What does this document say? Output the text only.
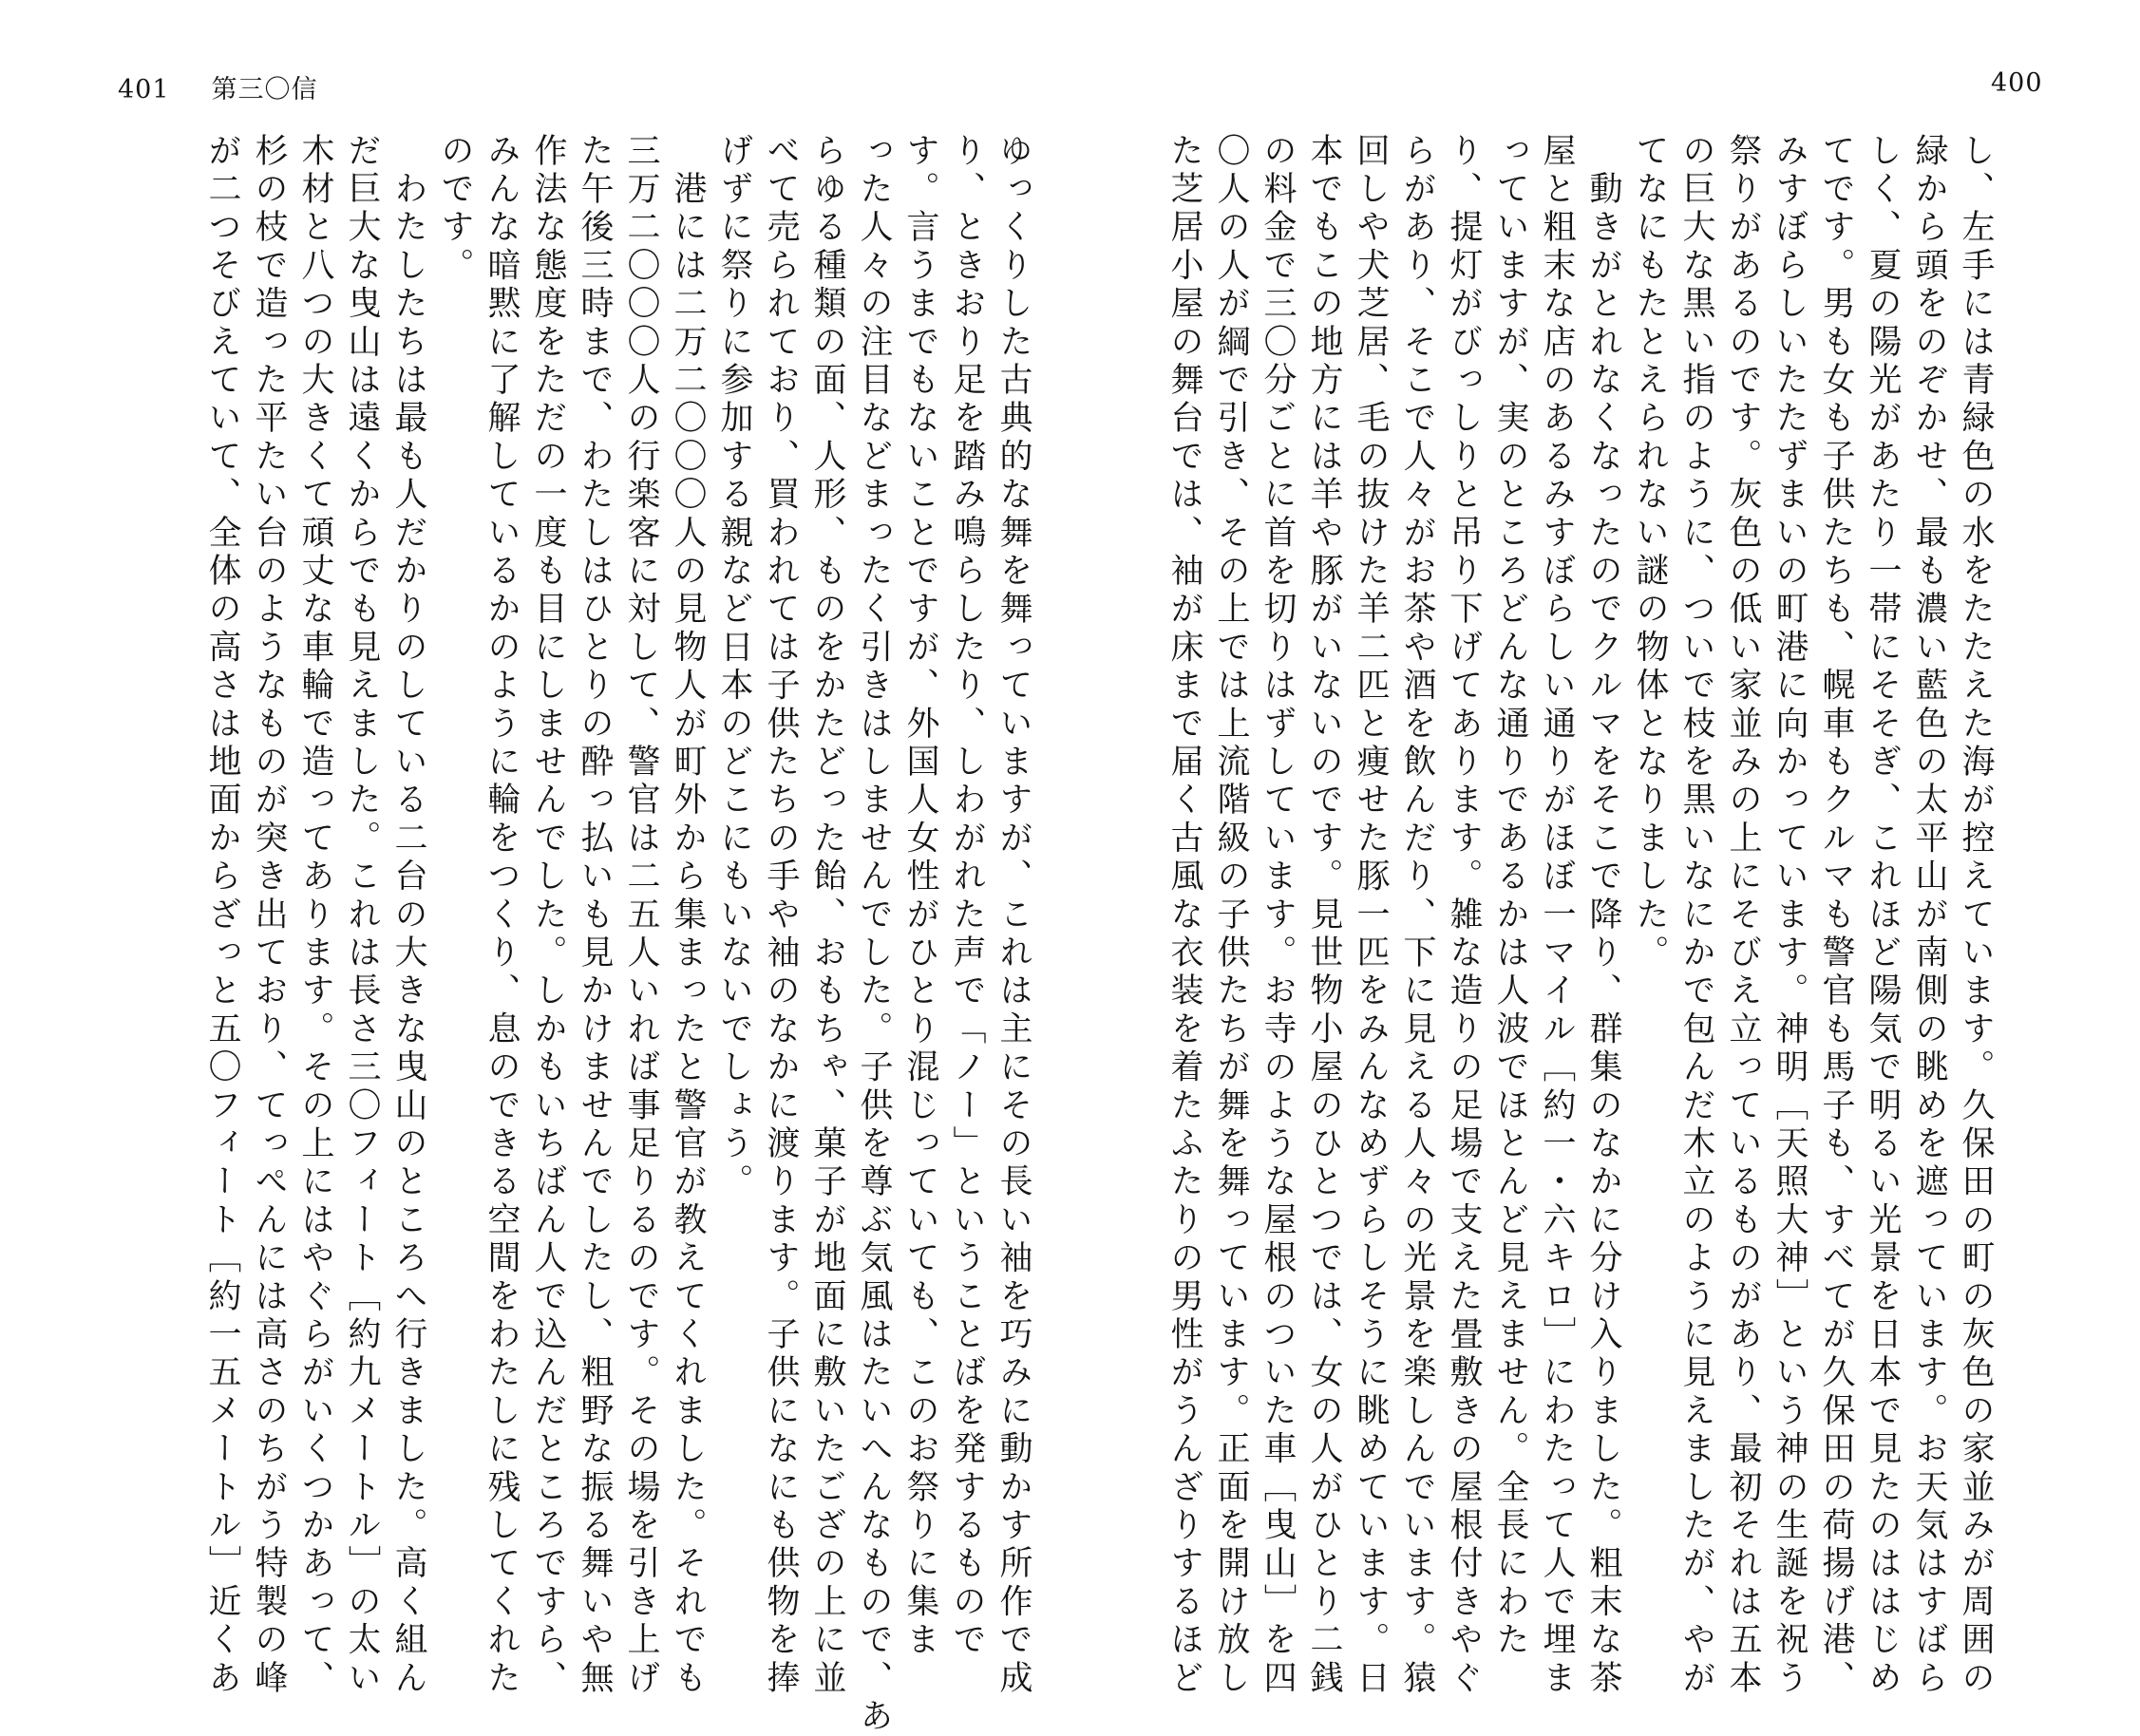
401 第三〇信	400
し、左手には青緑色の水をたたえた海が控えています。久保田の町の灰色の家並みが周囲の
緑から頭をのぞかせ、最も濃い藍色の太平山が南側の眺めを遮っています。お天気はすばら
しく、夏の陽光があたり一帯にそそぎ、これほど陽気で明るい光景を日本で見たのははじめ
てです。男も女も子供たちも、幌車もクルマも警官も馬子も、すべてが久保田の荷揚げ港、
みすぼらしいたたずまいの町港に向かっています。神明［天照大神］という神の生誕を祝う
祭りがあるのです。灰色の低い家並みの上にそびえ立っているものがあり、最初それは五本
の巨大な黒い指のように、ついで枝を黒いなにかで包んだ木立のように見えましたが、やが
てなにもたとえられない謎の物体となりました。
　動きがとれなくなったのでクルマをそこで降り、群集のなかに分け入りました。粗末な茶
屋と粗末な店のあるみすぼらしい通りがほぼ一マイル［約一・六キロ］にわたって人で埋ま
っていますが、実のところどんな通りであるかは人波でほとんど見えません。全長にわた
り、提灯がびっしりと吊り下げてあります。雑な造りの足場で支えた畳敷きの屋根付きやぐ
らがあり、そこで人々がお茶や酒を飲んだり、下に見える人々の光景を楽しんでいます。猿
回しや犬芝居、毛の抜けた羊二匹と痩せた豚一匹をみんなめずらしそうに眺めています。日
本でもこの地方には羊や豚がいないのです。見世物小屋のひとつでは、女の人がひとり二銭
の料金で三〇分ごとに首を切りはずしています。お寺のような屋根のついた車［曳山］を四
〇人の人が綱で引き、その上では上流階級の子供たちが舞を舞っています。正面を開け放し
た芝居小屋の舞台では、袖が床まで届く古風な衣装を着たふたりの男性がうんざりするほど
ゆっくりした古典的な舞を舞っていますが、これは主にその長い袖を巧みに動かす所作で成
り、ときおり足を踏み鳴らしたり、しわがれた声で「ノー」ということばを発するもので
す。言うまでもないことですが、外国人女性がひとり混じっていても、このお祭りに集ま
った人々の注目などまったく引きはしませんでした。子供を尊ぶ気風はたいへんなもので、あ
らゆる種類の面、人形、ものをかたどった飴、おもちゃ、菓子が地面に敷いたござの上に並
べて売られており、買われては子供たちの手や袖のなかに渡ります。子供になにも供物を捧
げずに祭りに参加する親など日本のどこにもいないでしょう。
　港には二万二〇〇〇人の見物人が町外から集まったと警官が教えてくれました。それでも
三万二〇〇〇人の行楽客に対して、警官は二五人いれば事足りるのです。その場を引き上げ
た午後三時まで、わたしはひとりの酔っ払いも見かけませんでしたし、粗野な振る舞いや無
作法な態度をただの一度も目にしませんでした。しかもいちばん人で込んだところですら、
みんな暗黙に了解しているかのように輪をつくり、息のできる空間をわたしに残してくれた
のです。
　わたしたちは最も人だかりのしている二台の大きな曳山のところへ行きました。高く組ん
だ巨大な曳山は遠くからでも見えました。これは長さ三〇フィート［約九メートル］の太い
木材と八つの大きくて頑丈な車輪で造ってあります。その上にはやぐらがいくつかあって、
杉の枝で造った平たい台のようなものが突き出ており、てっぺんには高さのちがう特製の峰
が二つそびえていて、全体の高さは地面からざっと五〇フィート［約一五メートル］近くあ
